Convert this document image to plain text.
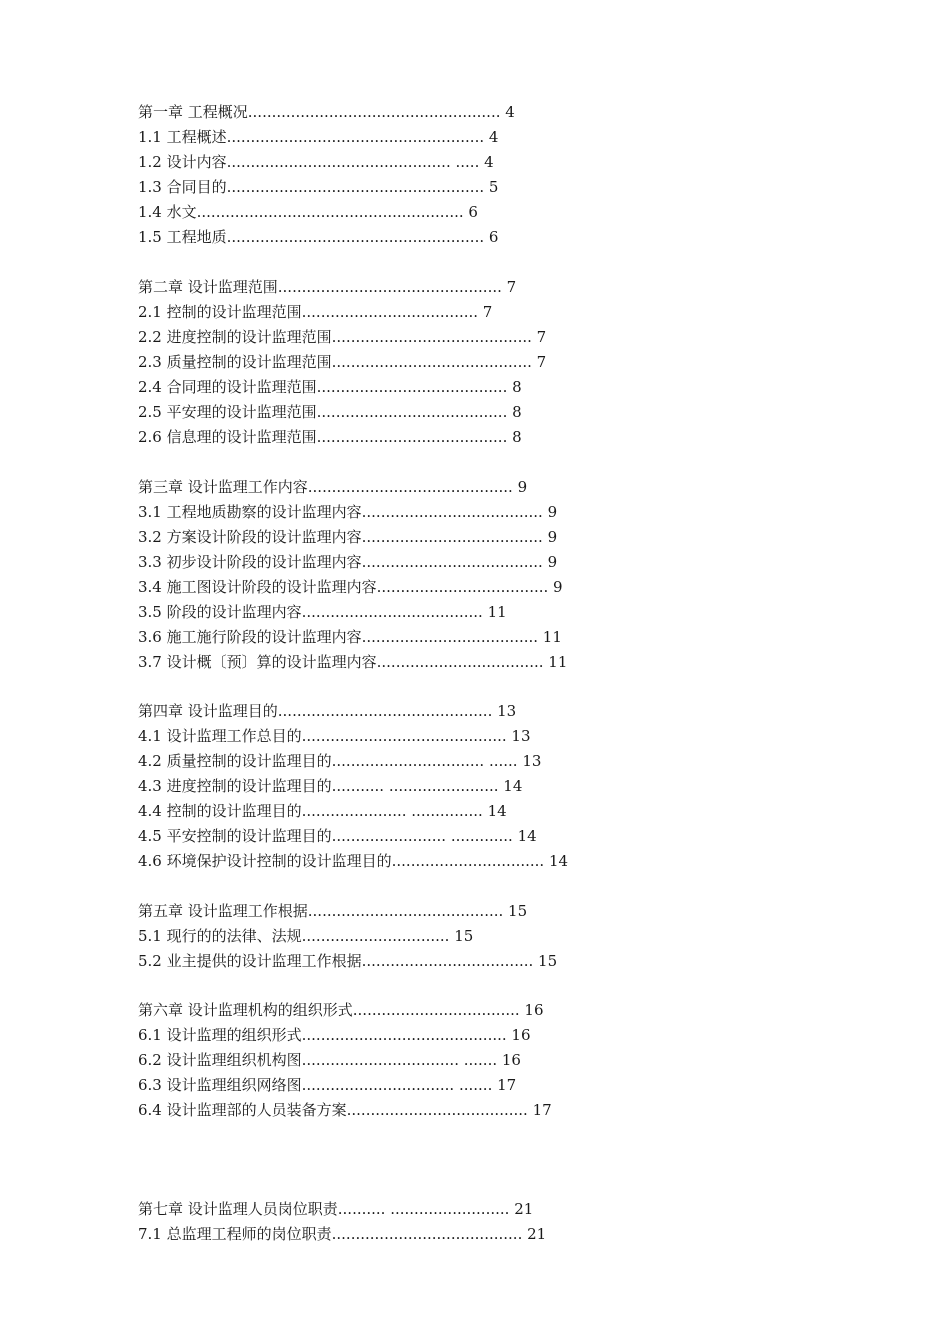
第一章 工程概况..................................................... 4
1.1 工程概述...................................................... 4
1.2 设计内容............................................... ..... 4
1.3 合同目的...................................................... 5
1.4 水文........................................................ 6
1.5 工程地质...................................................... 6
第二章 设计监理范围............................................... 7
2.1 控制的设计监理范围..................................... 7
2.2 进度控制的设计监理范围.......................................... 7
2.3 质量控制的设计监理范围.......................................... 7
2.4 合同理的设计监理范围........................................ 8
2.5 平安理的设计监理范围........................................ 8
2.6 信息理的设计监理范围........................................ 8
第三章 设计监理工作内容........................................... 9
3.1 工程地质勘察的设计监理内容...................................... 9
3.2 方案设计阶段的设计监理内容...................................... 9
3.3 初步设计阶段的设计监理内容...................................... 9
3.4 施工图设计阶段的设计监理内容.................................... 9
3.5 阶段的设计监理内容...................................... 11
3.6 施工施行阶段的设计监理内容..................................... 11
3.7 设计概〔预〕算的设计监理内容................................... 11
第四章 设计监理目的............................................. 13
4.1 设计监理工作总目的........................................... 13
4.2 质量控制的设计监理目的................................ ...... 13
4.3 进度控制的设计监理目的........... ....................... 14
4.4 控制的设计监理目的...................... ............... 14
4.5 平安控制的设计监理目的........................ ............. 14
4.6 环境保护设计控制的设计监理目的................................ 14
第五章 设计监理工作根据......................................... 15
5.1 现行的的法律、法规............................... 15
5.2 业主提供的设计监理工作根据.................................... 15
第六章 设计监理机构的组织形式................................... 16
6.1 设计监理的组织形式........................................... 16
6.2 设计监理组织机构图................................. ....... 16
6.3 设计监理组织网络图................................ ....... 17
6.4 设计监理部的人员装备方案...................................... 17
第七章 设计监理人员岗位职责.......... ......................... 21
7.1 总监理工程师的岗位职责........................................ 21
